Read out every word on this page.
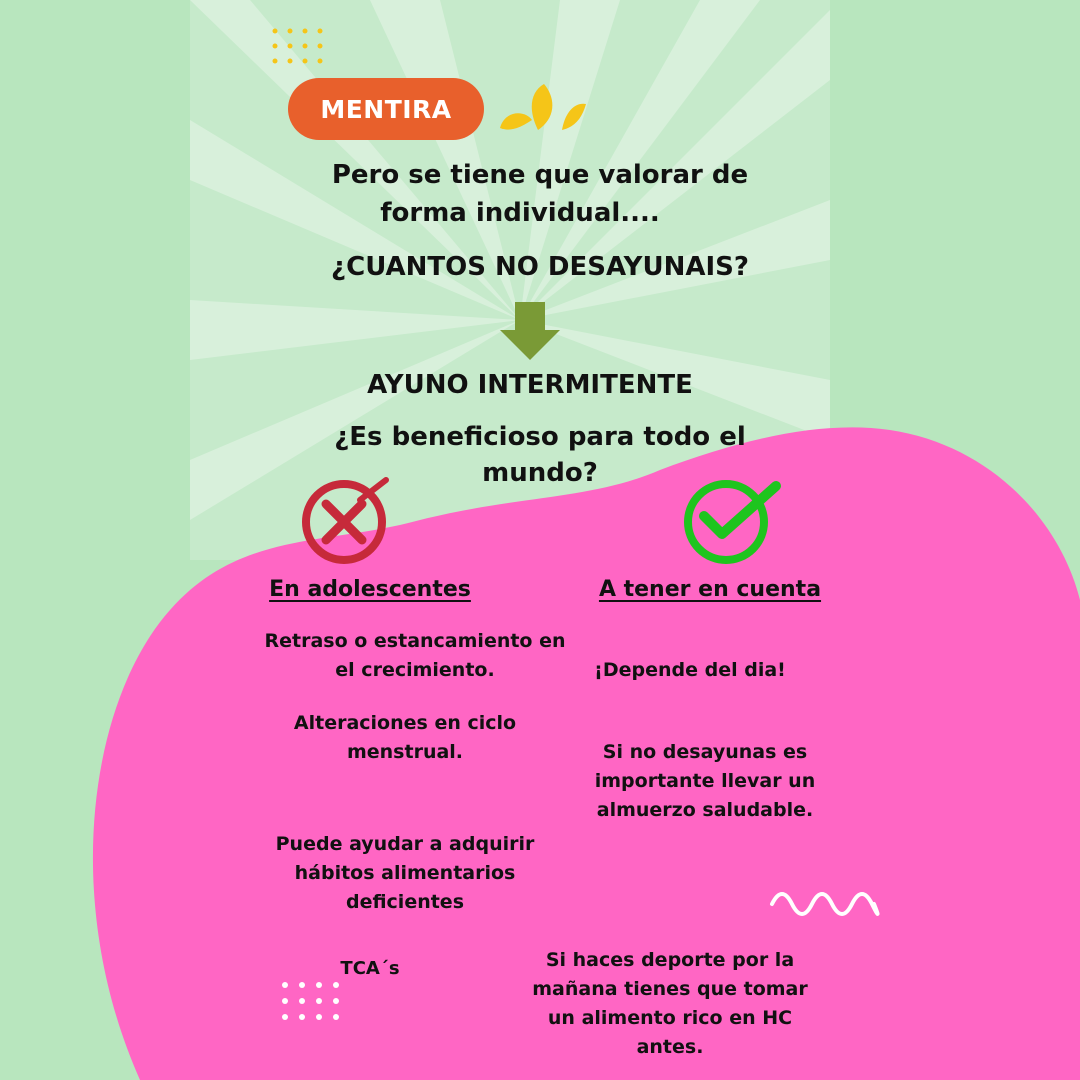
MENTIRA

Pero se tiene que valorar de

forma individual....

¿CUANTOS NO DESAYUNAIS?

AYUNO INTERMITENTE

¿Es beneficioso para todo el

mundo?

En adolescentes	A tener en cuenta

Retraso o estancamiento en

el crecimiento.

Alteraciones en ciclo

menstrual.

Puede ayudar a adquirir

hábitos alimentarios

deficientes

TCA´s

¡Depende del dia!

Si no desayunas es

importante llevar un

almuerzo saludable.

Si haces deporte por la

mañana tienes que tomar

un alimento rico en HC

antes.
